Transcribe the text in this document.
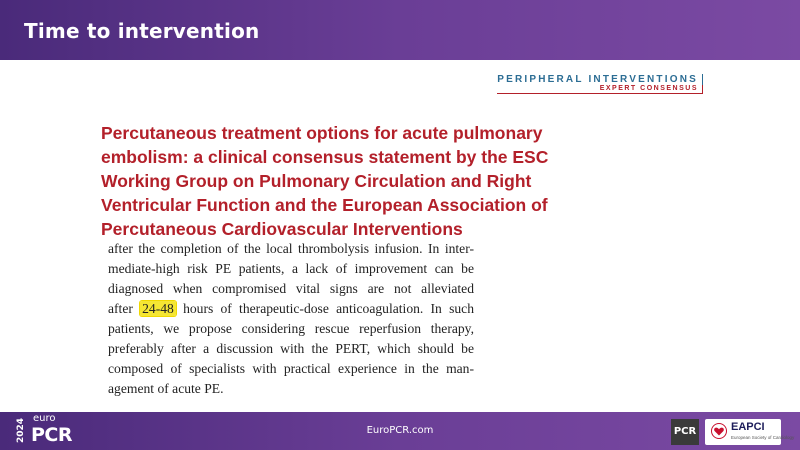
Time to intervention
PERIPHERAL INTERVENTIONS
EXPERT CONSENSUS
Percutaneous treatment options for acute pulmonary embolism: a clinical consensus statement by the ESC Working Group on Pulmonary Circulation and Right Ventricular Function and the European Association of Percutaneous Cardiovascular Interventions
after the completion of the local thrombolysis infusion. In inter-
mediate-high risk PE patients, a lack of improvement can be
diagnosed when compromised vital signs are not alleviated
after 24-48 hours of therapeutic-dose anticoagulation. In such
patients, we propose considering rescue reperfusion therapy,
preferably after a discussion with the PERT, which should be
composed of specialists with practical experience in the man-
agement of acute PE.
2024 euro
PCR	EuroPCR.com	PCR	EAPCI
European Society of Cardiology
